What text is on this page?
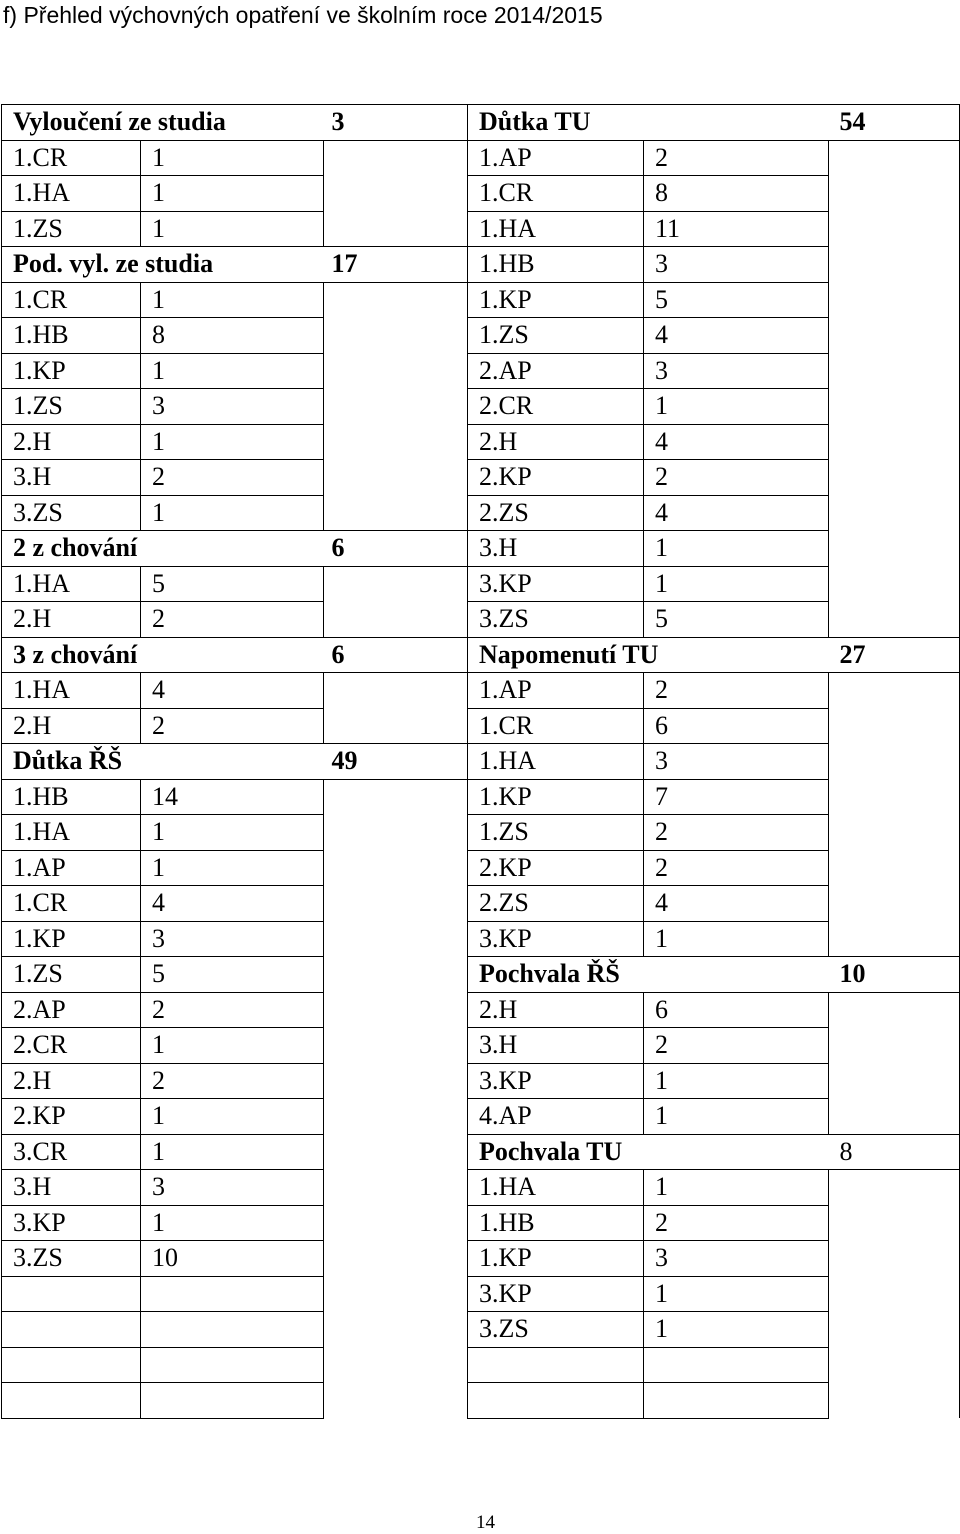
f) Přehled výchovných opatření ve školním roce 2014/2015
Vyloučení ze studia		3	Důtka TU		54
1.CR	1		1.AP	2	
1.HA	1		1.CR	8	
1.ZS	1		1.HA	11	
Pod. vyl. ze studia		17	1.HB	3	
1.CR	1		1.KP	5	
1.HB	8		1.ZS	4	
1.KP	1		2.AP	3	
1.ZS	3		2.CR	1	
2.H	1		2.H	4	
3.H	2		2.KP	2	
3.ZS	1		2.ZS	4	
2 z chování		6	3.H	1	
1.HA	5		3.KP	1	
2.H	2		3.ZS	5	
3 z chování		6	Napomenutí TU		27
1.HA	4		1.AP	2	
2.H	2		1.CR	6	
Důtka ŘŠ		49	1.HA	3	
1.HB	14		1.KP	7	
1.HA	1		1.ZS	2	
1.AP	1		2.KP	2	
1.CR	4		2.ZS	4	
1.KP	3		3.KP	1	
1.ZS	5		Pochvala ŘŠ		10
2.AP	2		2.H	6	
2.CR	1		3.H	2	
2.H	2		3.KP	1	
2.KP	1		4.AP	1	
3.CR	1		Pochvala TU		8
3.H	3		1.HA	1	
3.KP	1		1.HB	2	
3.ZS	10		1.KP	3	
			3.KP	1	
			3.ZS	1	

14
